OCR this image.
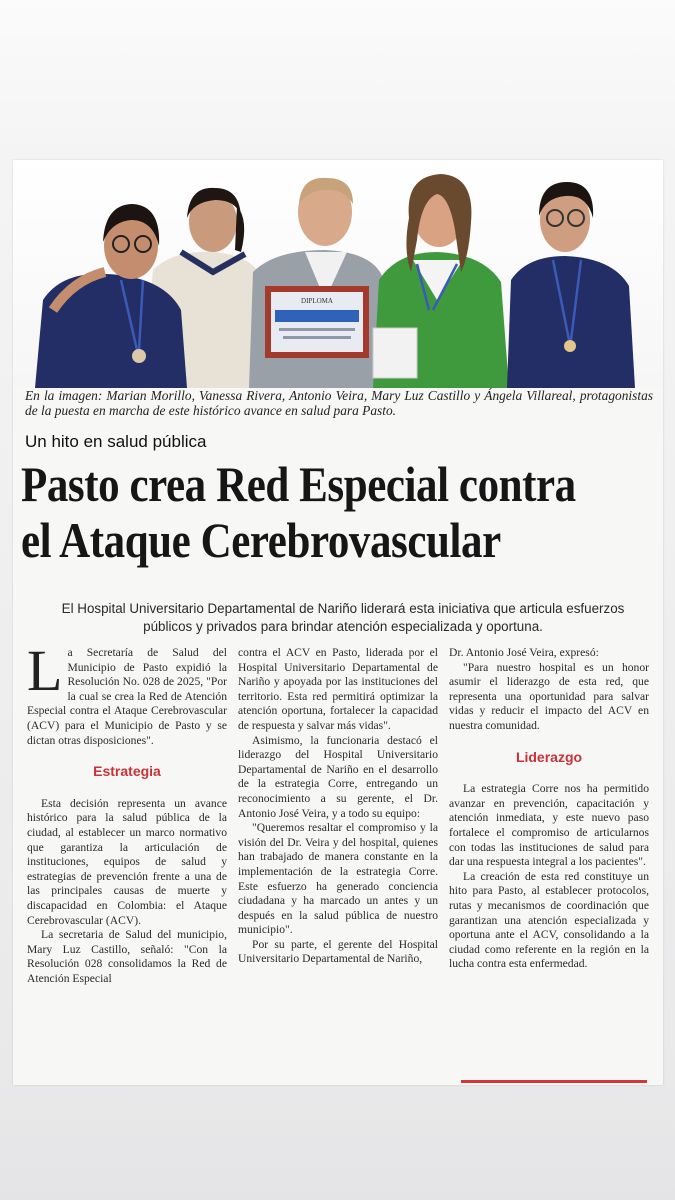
DIPLOMA
En la imagen: Marian Morillo, Vanessa Rivera, Antonio Veira, Mary Luz Castillo y Ángela Villareal, protagonistas de la puesta en marcha de este histórico avance en salud para Pasto.
Un hito en salud pública
Pasto crea Red Especial contra
el Ataque Cerebrovascular
El Hospital Universitario Departamental de Nariño liderará esta iniciativa que articula esfuerzos públicos y privados para brindar atención especializada y oportuna.

La Secretaría de Salud del Municipio de Pasto expidió la Resolución No. 028 de 2025, "Por la cual se crea la Red de Atención Especial contra el Ataque Cerebrovascular (ACV) para el Municipio de Pasto y se dictan otras disposiciones".

Estrategia

Esta decisión representa un avance histórico para la salud pública de la ciudad, al establecer un marco normativo que garantiza la articulación de instituciones, equipos de salud y estrategias de prevención frente a una de las principales causas de muerte y discapacidad en Colombia: el Ataque Cerebrovascular (ACV).

La secretaria de Salud del municipio, Mary Luz Castillo, señaló: "Con la Resolución 028 consolidamos la Red de Atención Especial

contra el ACV en Pasto, liderada por el Hospital Universitario Departamental de Nariño y apoyada por las instituciones del territorio. Esta red permitirá optimizar la atención oportuna, fortalecer la capacidad de respuesta y salvar más vidas".

Asimismo, la funcionaria destacó el liderazgo del Hospital Universitario Departamental de Nariño en el desarrollo de la estrategia Corre, entregando un reconocimiento a su gerente, el Dr. Antonio José Veira, y a todo su equipo:

"Queremos resaltar el compromiso y la visión del Dr. Veira y del hospital, quienes han trabajado de manera constante en la implementación de la estrategia Corre. Este esfuerzo ha generado conciencia ciudadana y ha marcado un antes y un después en la salud pública de nuestro municipio".

Por su parte, el gerente del Hospital Universitario Departamental de Nariño,

Dr. Antonio José Veira, expresó:

"Para nuestro hospital es un honor asumir el liderazgo de esta red, que representa una oportunidad para salvar vidas y reducir el impacto del ACV en nuestra comunidad.

Liderazgo

La estrategia Corre nos ha permitido avanzar en prevención, capacitación y atención inmediata, y este nuevo paso fortalece el compromiso de articularnos con todas las instituciones de salud para dar una respuesta integral a los pacientes".

La creación de esta red constituye un hito para Pasto, al establecer protocolos, rutas y mecanismos de coordinación que garantizan una atención especializada y oportuna ante el ACV, consolidando a la ciudad como referente en la región en la lucha contra esta enfermedad.
